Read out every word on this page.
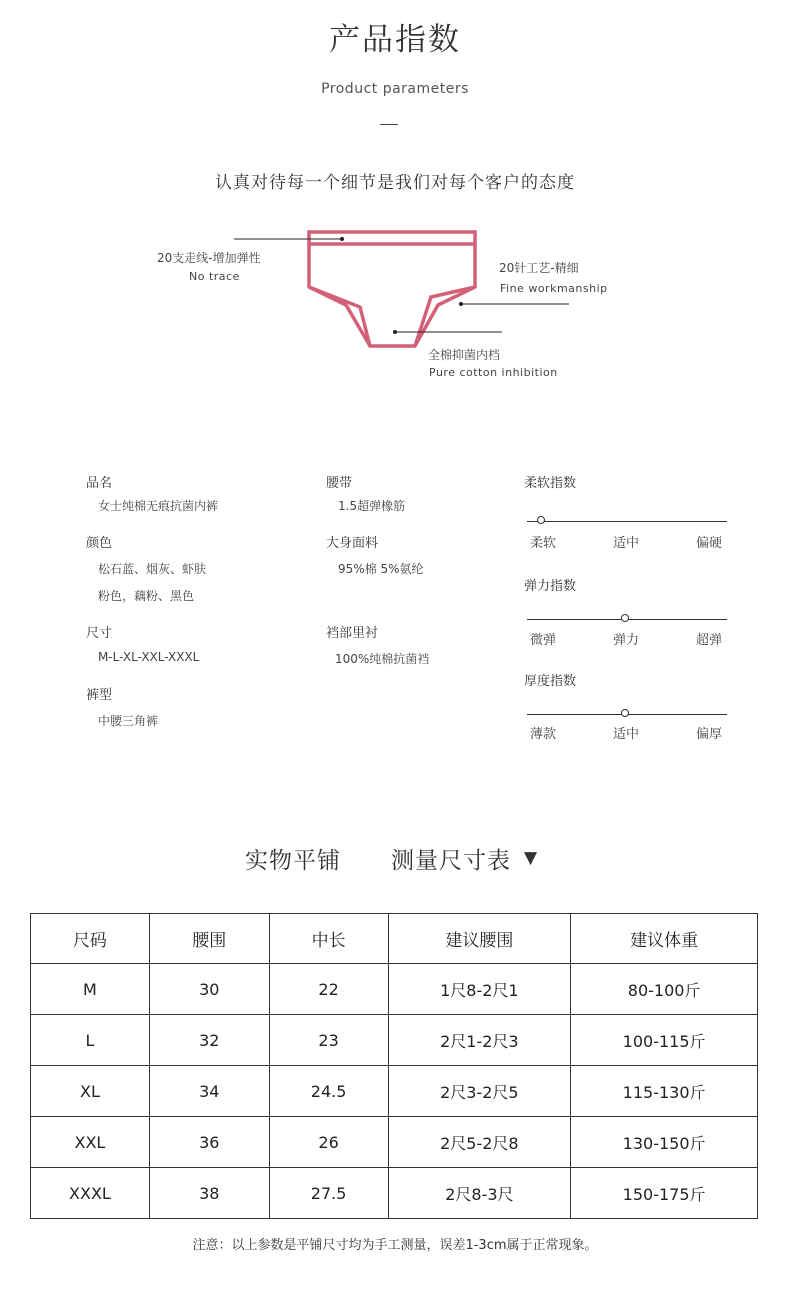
产品指数
Product parameters
认真对待每一个细节是我们对每个客户的态度
20支走线-增加弹性
No trace
20针工艺-精细
Fine workmanship
全棉抑菌内档
Pure cotton inhibition
品名
女士纯棉无痕抗菌内裤
颜色
松石蓝、烟灰、虾肤
粉色，藕粉、黑色
尺寸
M-L-XL-XXL-XXXL
裤型
中腰三角裤
腰带
1.5超弹橡筋
大身面料
95%棉 5%氨纶
裆部里衬
100%纯棉抗菌裆
柔软指数
柔软	适中	偏硬
弹力指数
微弹	弹力	超弹
厚度指数
薄款	适中	偏厚
实物平铺 测量尺寸表 ▼
尺码	腰围	中长	建议腰围	建议体重
M	30	22	1尺8-2尺1	80-100斤
L	32	23	2尺1-2尺3	100-115斤
XL	34	24.5	2尺3-2尺5	115-130斤
XXL	36	26	2尺5-2尺8	130-150斤
XXXL	38	27.5	2尺8-3尺	150-175斤
注意：以上参数是平铺尺寸均为手工测量，误差1-3cm属于正常现象。
